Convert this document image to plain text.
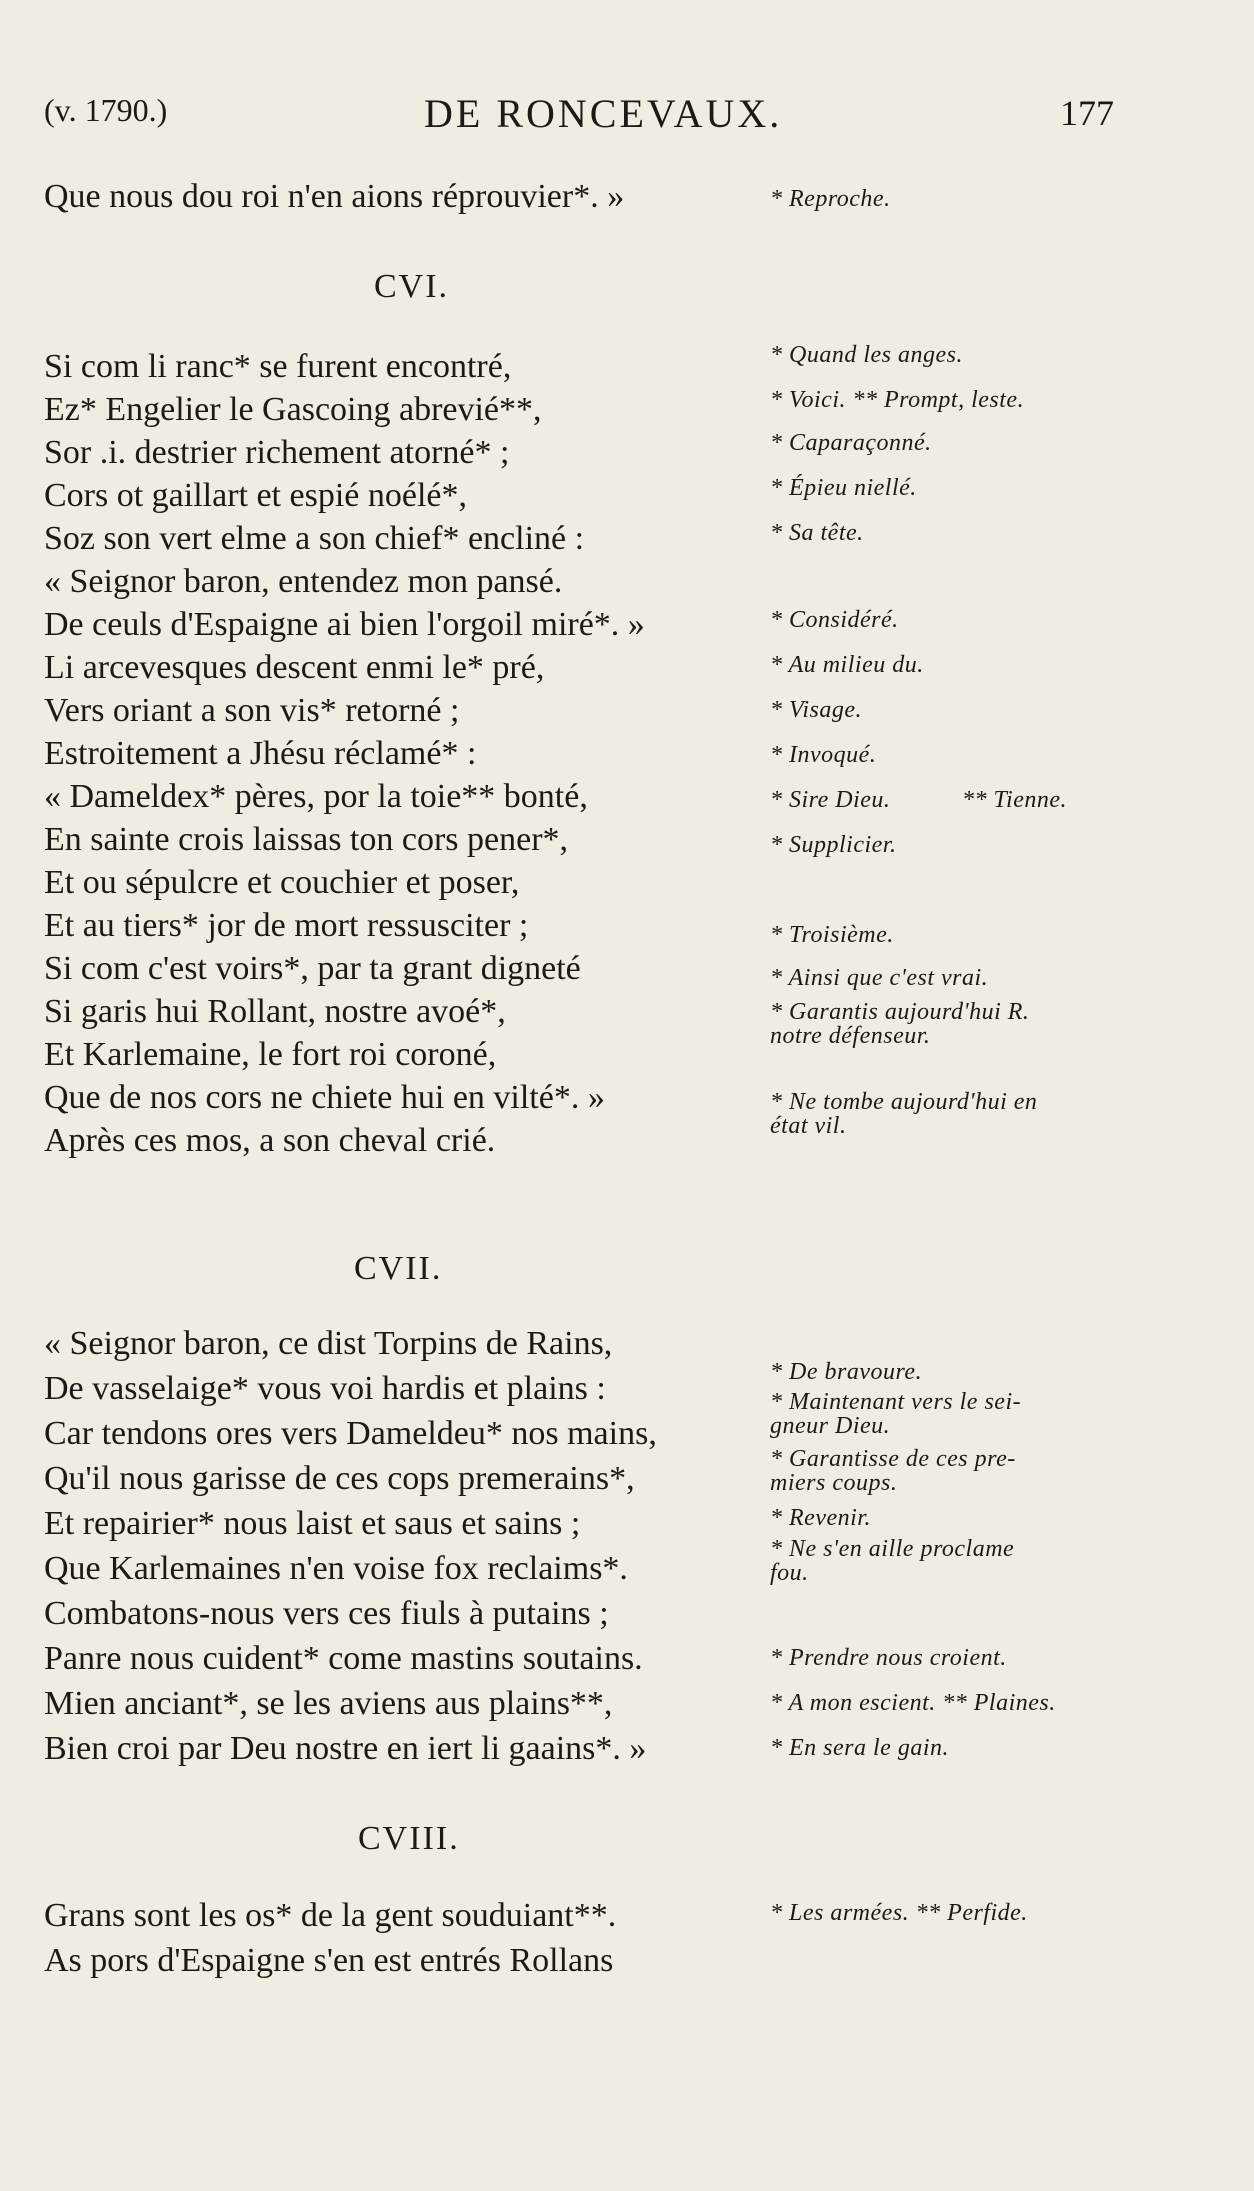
(v. 1790.)	DE RONCEVAUX.	177
Que nous dou roi n'en aions réprouvier*. »	* Reproche.
CVI.
Si com li ranc* se furent encontré,
Ez* Engelier le Gascoing abrevié**,
Sor .i. destrier richement atorné* ;
Cors ot gaillart et espié noélé*,
Soz son vert elme a son chief* encliné :
« Seignor baron, entendez mon pansé.
De ceuls d'Espaigne ai bien l'orgoil miré*. »
Li arcevesques descent enmi le* pré,
Vers oriant a son vis* retorné ;
Estroitement a Jhésu réclamé* :
« Dameldex* pères, por la toie** bonté,
En sainte crois laissas ton cors pener*,
Et ou sépulcre et couchier et poser,
Et au tiers* jor de mort ressusciter ;
Si com c'est voirs*, par ta grant digneté
Si garis hui Rollant, nostre avoé*,
Et Karlemaine, le fort roi coroné,
Que de nos cors ne chiete hui en vilté*. »
Après ces mos, a son cheval crié.
* Quand les anges.
* Voici. ** Prompt, leste.
* Caparaçonné.
* Épieu niellé.
* Sa tête.
* Considéré.
* Au milieu du.
* Visage.
* Invoqué.
* Sire Dieu.	** Tienne.
* Supplicier.
* Troisième.
* Ainsi que c'est vrai.
* Garantis aujourd'hui R.
notre défenseur.
* Ne tombe aujourd'hui en
état vil.
CVII.
« Seignor baron, ce dist Torpins de Rains,
De vasselaige* vous voi hardis et plains :
Car tendons ores vers Dameldeu* nos mains,
Qu'il nous garisse de ces cops premerains*,
Et repairier* nous laist et saus et sains ;
Que Karlemaines n'en voise fox reclaims*.
Combatons-nous vers ces fiuls à putains ;
Panre nous cuident* come mastins soutains.
Mien anciant*, se les aviens aus plains**,
Bien croi par Deu nostre en iert li gaains*. »
* De bravoure.
* Maintenant vers le sei-
gneur Dieu.
* Garantisse de ces pre-
miers coups.
* Revenir.
* Ne s'en aille proclame
fou.
* Prendre nous croient.
* A mon escient. ** Plaines.
* En sera le gain.
CVIII.
Grans sont les os* de la gent souduiant**.
As pors d'Espaigne s'en est entrés Rollans
* Les armées. ** Perfide.
